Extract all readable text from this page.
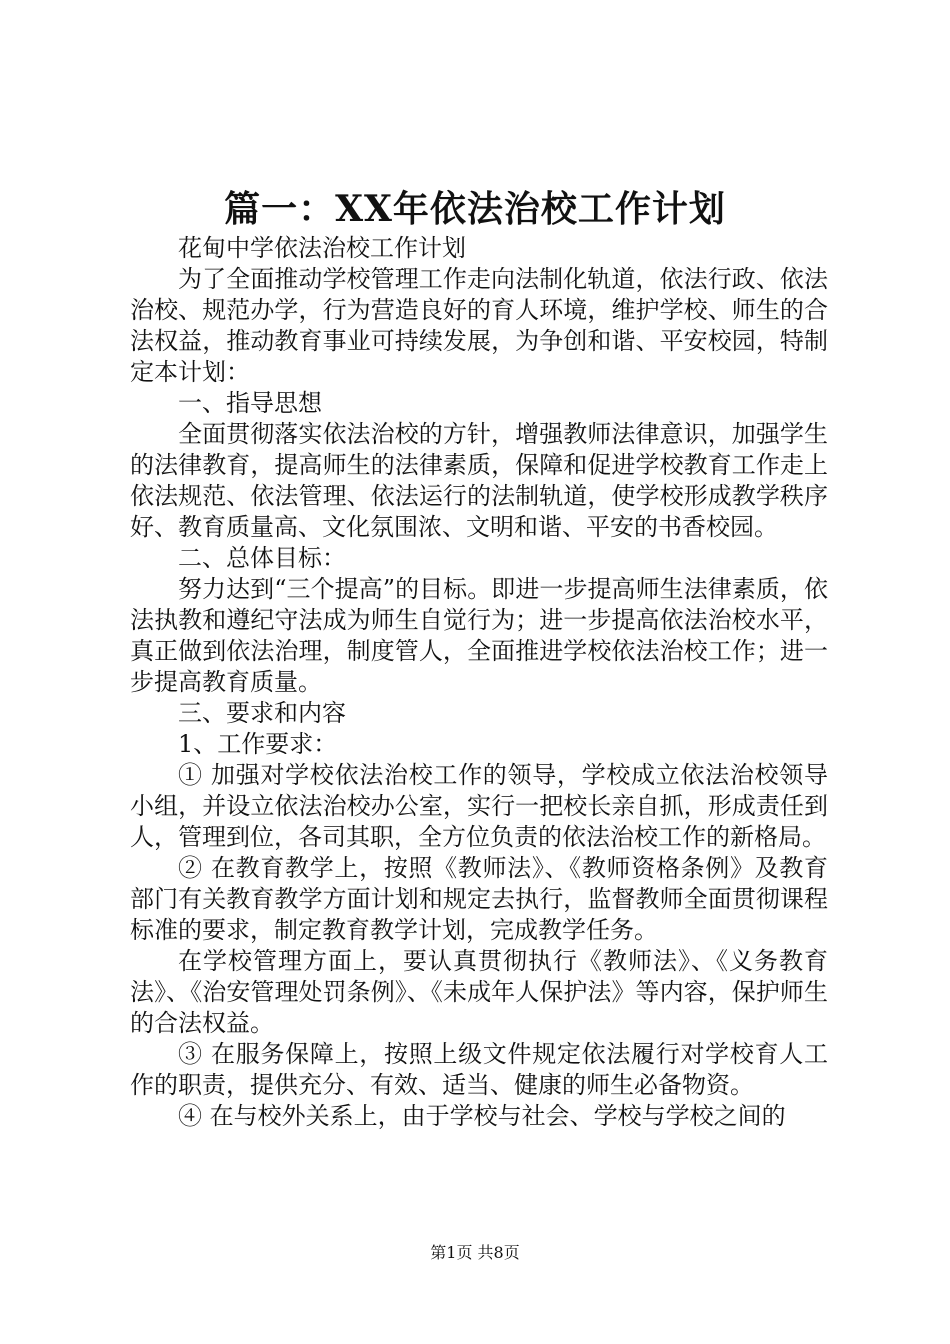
篇一：XX年依法治校工作计划

花甸中学依法治校工作计划

为了全面推动学校管理工作走向法制化轨道，依法行政、依法治校、规范办学，行为营造良好的育人环境，维护学校、师生的合法权益，推动教育事业可持续发展，为争创和谐、平安校园，特制定本计划：

一、指导思想

全面贯彻落实依法治校的方针，增强教师法律意识，加强学生的法律教育，提高师生的法律素质，保障和促进学校教育工作走上依法规范、依法管理、依法运行的法制轨道，使学校形成教学秩序好、教育质量高、文化氛围浓、文明和谐、平安的书香校园。

二、总体目标：

努力达到“三个提高”的目标。即进一步提高师生法律素质，依法执教和遵纪守法成为师生自觉行为；进一步提高依法治校水平，真正做到依法治理，制度管人，全面推进学校依法治校工作；进一步提高教育质量。

三、要求和内容

1、工作要求：

① 加强对学校依法治校工作的领导，学校成立依法治校领导小组，并设立依法治校办公室，实行一把校长亲自抓，形成责任到人，管理到位，各司其职，全方位负责的依法治校工作的新格局。

② 在教育教学上，按照《教师法》、《教师资格条例》及教育部门有关教育教学方面计划和规定去执行，监督教师全面贯彻课程标准的要求，制定教育教学计划，完成教学任务。

在学校管理方面上，要认真贯彻执行《教师法》、《义务教育法》、《治安管理处罚条例》、《未成年人保护法》等内容，保护师生的合法权益。

③ 在服务保障上，按照上级文件规定依法履行对学校育人工作的职责，提供充分、有效、适当、健康的师生必备物资。

④ 在与校外关系上，由于学校与社会、学校与学校之间的

第1页 共8页
